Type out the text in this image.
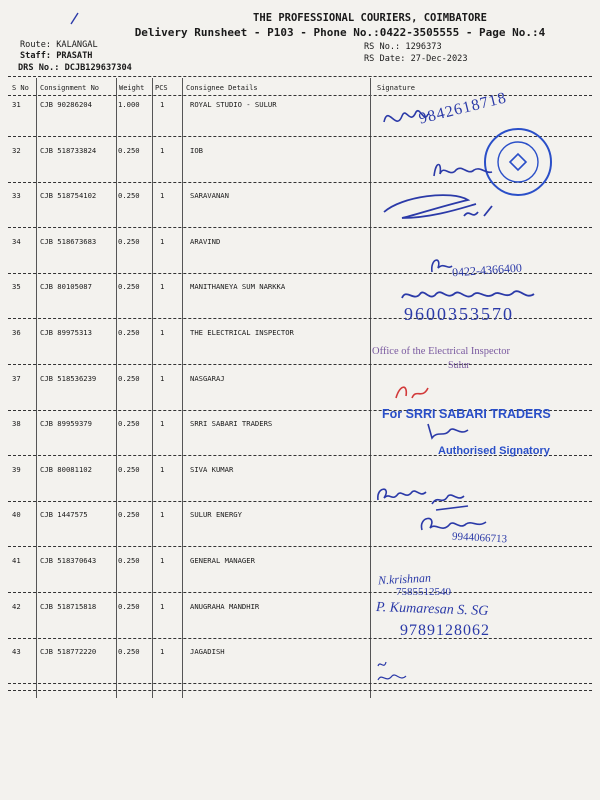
THE PROFESSIONAL COURIERS, COIMBATORE
Delivery Runsheet - P103 - Phone No.:0422-3505555 - Page No.:4
Route: KALANGAL
Staff: PRASATH
DRS No.: DCJB129637304
RS No.: 1296373
RS Date: 27-Dec-2023
S No Consignment No	Weight PCS	Consignee Details	Signature
31	CJB 90286204	1.000	1	ROYAL STUDIO - SULUR
32	CJB 518733824	0.250	1	IOB
33	CJB 518754102	0.250	1	SARAVANAN
34	CJB 518673683	0.250	1	ARAVIND
35	CJB 80105087	0.250	1	MANITHANEYA SUM NARKKA
36	CJB 89975313	0.250	1	THE ELECTRICAL INSPECTOR
37	CJB 518536239	0.250	1	NASGARAJ
38	CJB 89959379	0.250	1	SRRI SABARI TRADERS
39	CJB 80081102	0.250	1	SIVA KUMAR
40	CJB 1447575	0.250	1	SULUR ENERGY
41	CJB 518370643	0.250	1	GENERAL MANAGER
42	CJB 518715818	0.250	1	ANUGRAHA MANDHIR
43	CJB 518772220	0.250	1	JAGADISH
9842618718
0422-4366400
9600353570
Office of the Electrical Inspector
Sulur
For SRRI SABARI TRADERS
Authorised Signatory
9944066713
N.krishnan
7585512540
P. Kumaresan S. SG
9789128062
